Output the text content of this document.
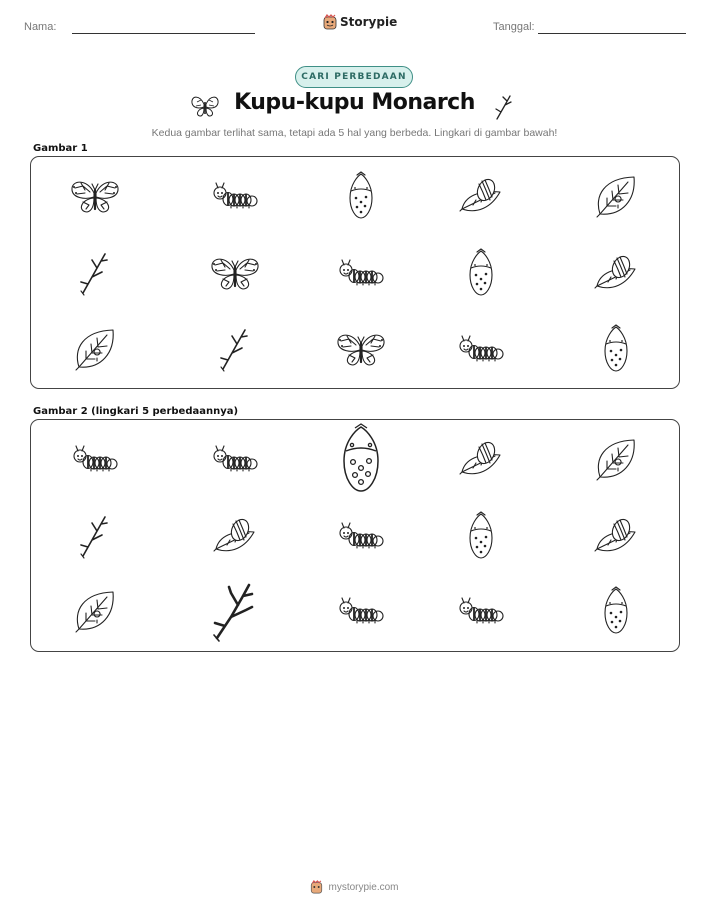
Nama:	Storypie	Tanggal:
CARI PERBEDAAN
Kupu-kupu Monarch
Kedua gambar terlihat sama, tetapi ada 5 hal yang berbeda. Lingkari di gambar bawah!
Gambar 1
Gambar 2 (lingkari 5 perbedaannya)
mystorypie.com
